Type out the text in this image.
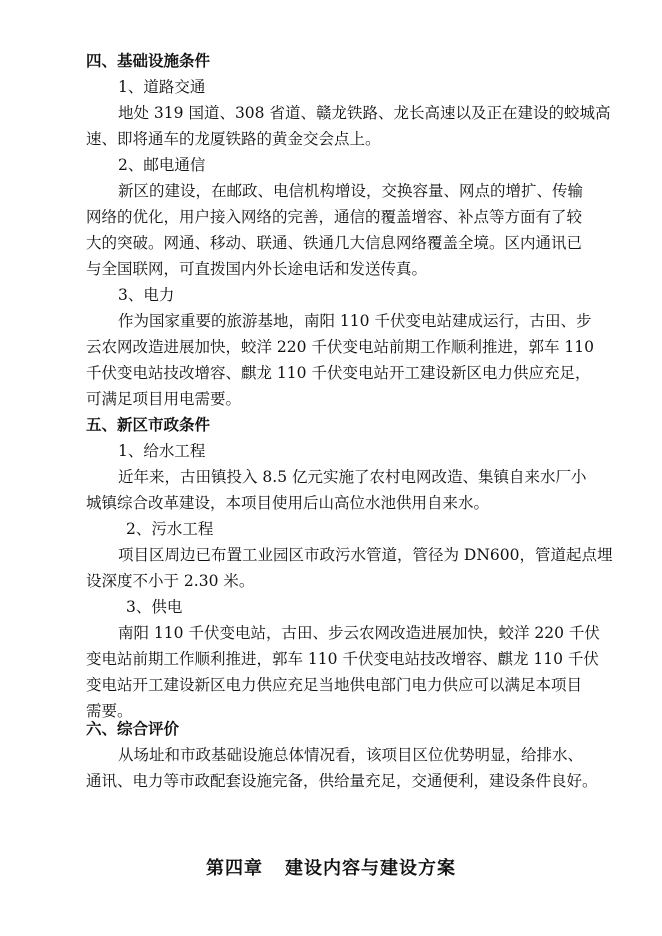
四、基础设施条件
1、道路交通
地处 319 国道、308 省道、赣龙铁路、龙长高速以及正在建设的蛟城高
速、即将通车的龙厦铁路的黄金交会点上。
2、邮电通信
新区的建设，在邮政、电信机构增设，交换容量、网点的增扩、传输
网络的优化，用户接入网络的完善，通信的覆盖增容、补点等方面有了较
大的突破。网通、移动、联通、铁通几大信息网络覆盖全境。区内通讯已
与全国联网，可直拨国内外长途电话和发送传真。
3、电力
作为国家重要的旅游基地，南阳 110 千伏变电站建成运行，古田、步
云农网改造进展加快，蛟洋 220 千伏变电站前期工作顺利推进，郭车 110
千伏变电站技改增容、麒龙 110 千伏变电站开工建设新区电力供应充足，
可满足项目用电需要。
五、新区市政条件
1、给水工程
近年来，古田镇投入 8.5 亿元实施了农村电网改造、集镇自来水厂小
城镇综合改革建设，本项目使用后山高位水池供用自来水。
2、污水工程
项目区周边已布置工业园区市政污水管道，管径为 DN600，管道起点埋
设深度不小于 2.30 米。
3、供电
南阳 110 千伏变电站，古田、步云农网改造进展加快，蛟洋 220 千伏
变电站前期工作顺利推进，郭车 110 千伏变电站技改增容、麒龙 110 千伏
变电站开工建设新区电力供应充足当地供电部门电力供应可以满足本项目
需要。
六、综合评价
从场址和市政基础设施总体情况看，该项目区位优势明显，给排水、
通讯、电力等市政配套设施完备，供给量充足，交通便利，建设条件良好。
第四章 建设内容与建设方案
